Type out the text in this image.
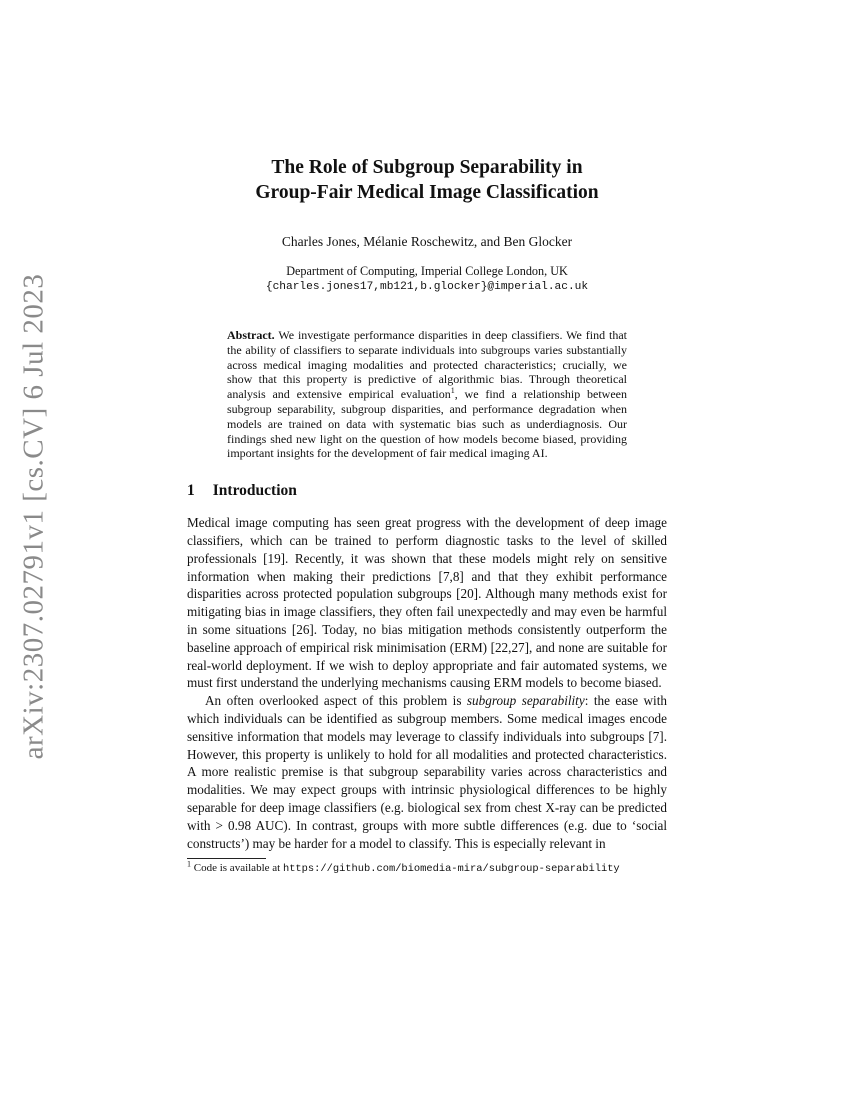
arXiv:2307.02791v1 [cs.CV] 6 Jul 2023
The Role of Subgroup Separability in
Group-Fair Medical Image Classification
Charles Jones, Mélanie Roschewitz, and Ben Glocker
Department of Computing, Imperial College London, UK
{charles.jones17,mb121,b.glocker}@imperial.ac.uk
Abstract. We investigate performance disparities in deep classifiers. We find that the ability of classifiers to separate individuals into subgroups varies substantially across medical imaging modalities and protected characteristics; crucially, we show that this property is predictive of algorithmic bias. Through theoretical analysis and extensive empirical evaluation$^1$, we find a relationship between subgroup separability, subgroup disparities, and performance degradation when models are trained on data with systematic bias such as underdiagnosis. Our findings shed new light on the question of how models become biased, providing important insights for the development of fair medical imaging AI.
1 Introduction

Medical image computing has seen great progress with the development of deep image classifiers, which can be trained to perform diagnostic tasks to the level of skilled professionals [19]. Recently, it was shown that these models might rely on sensitive information when making their predictions [7,8] and that they exhibit performance disparities across protected population subgroups [20]. Although many methods exist for mitigating bias in image classifiers, they often fail unexpectedly and may even be harmful in some situations [26]. Today, no bias mitigation methods consistently outperform the baseline approach of empirical risk minimisation (ERM) [22,27], and none are suitable for real-world deployment. If we wish to deploy appropriate and fair automated systems, we must first understand the underlying mechanisms causing ERM models to become biased.

An often overlooked aspect of this problem is subgroup separability: the ease with which individuals can be identified as subgroup members. Some medical images encode sensitive information that models may leverage to classify individuals into subgroups [7]. However, this property is unlikely to hold for all modalities and protected characteristics. A more realistic premise is that subgroup separability varies across characteristics and modalities. We may expect groups with intrinsic physiological differences to be highly separable for deep image classifiers (e.g. biological sex from chest X-ray can be predicted with > 0.98 AUC). In contrast, groups with more subtle differences (e.g. due to ‘social constructs’) may be harder for a model to classify. This is especially relevant in

$^1$ Code is available at https://github.com/biomedia-mira/subgroup-separability
